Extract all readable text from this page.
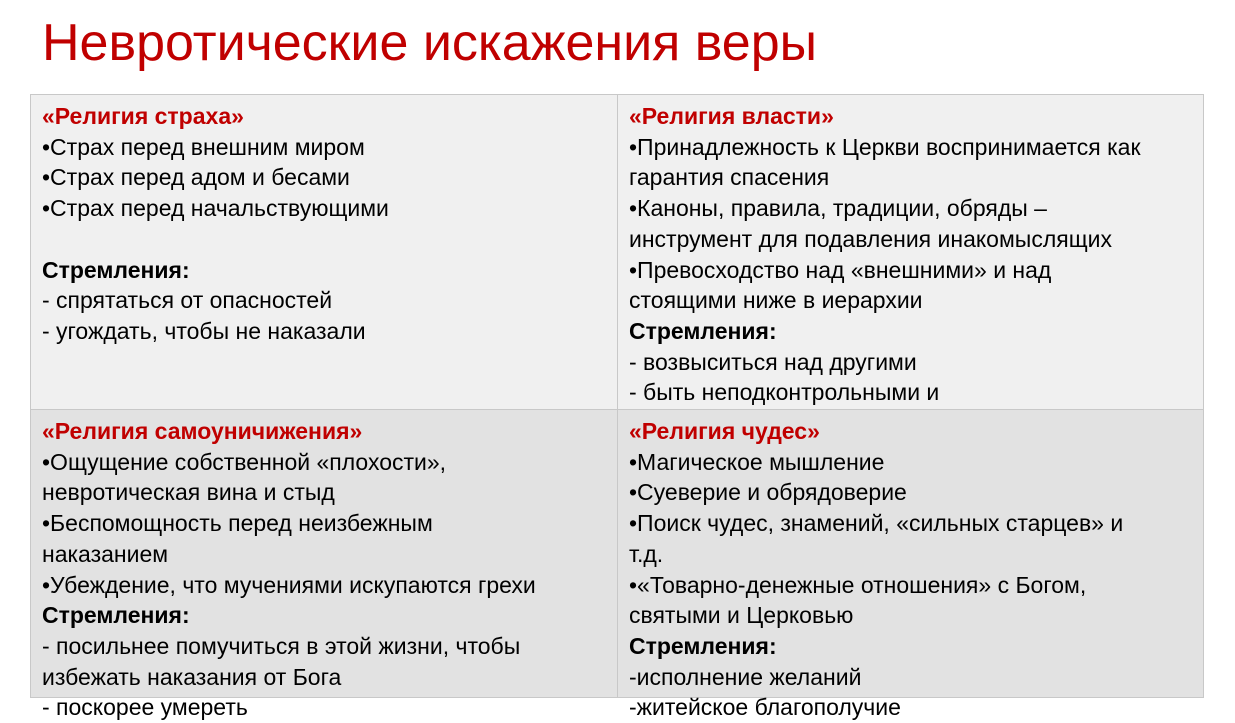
Невротические искажения веры
«Религия страха»
•Страх перед внешним миром
•Страх перед адом и бесами
•Страх перед начальствующими
Стремления:
- спрятаться от опасностей
- угождать, чтобы не наказали
«Религия власти»
•Принадлежность к Церкви воспринимается как
гарантия спасения
•Каноны, правила, традиции, обряды –
инструмент для подавления инакомыслящих
•Превосходство над «внешними» и над
стоящими ниже в иерархии
Стремления:
- возвыситься над другими
- быть неподконтрольными и
«Религия самоуничижения»
•Ощущение собственной «плохости»,
невротическая вина и стыд
•Беспомощность перед неизбежным
наказанием
•Убеждение, что мучениями искупаются грехи
Стремления:
- посильнее помучиться в этой жизни, чтобы
избежать наказания от Бога
- поскорее умереть
«Религия чудес»
•Магическое мышление
•Суеверие и обрядоверие
•Поиск чудес, знамений, «сильных старцев» и
т.д.
•«Товарно-денежные отношения» с Богом,
святыми и Церковью
Стремления:
-исполнение желаний
-житейское благополучие
